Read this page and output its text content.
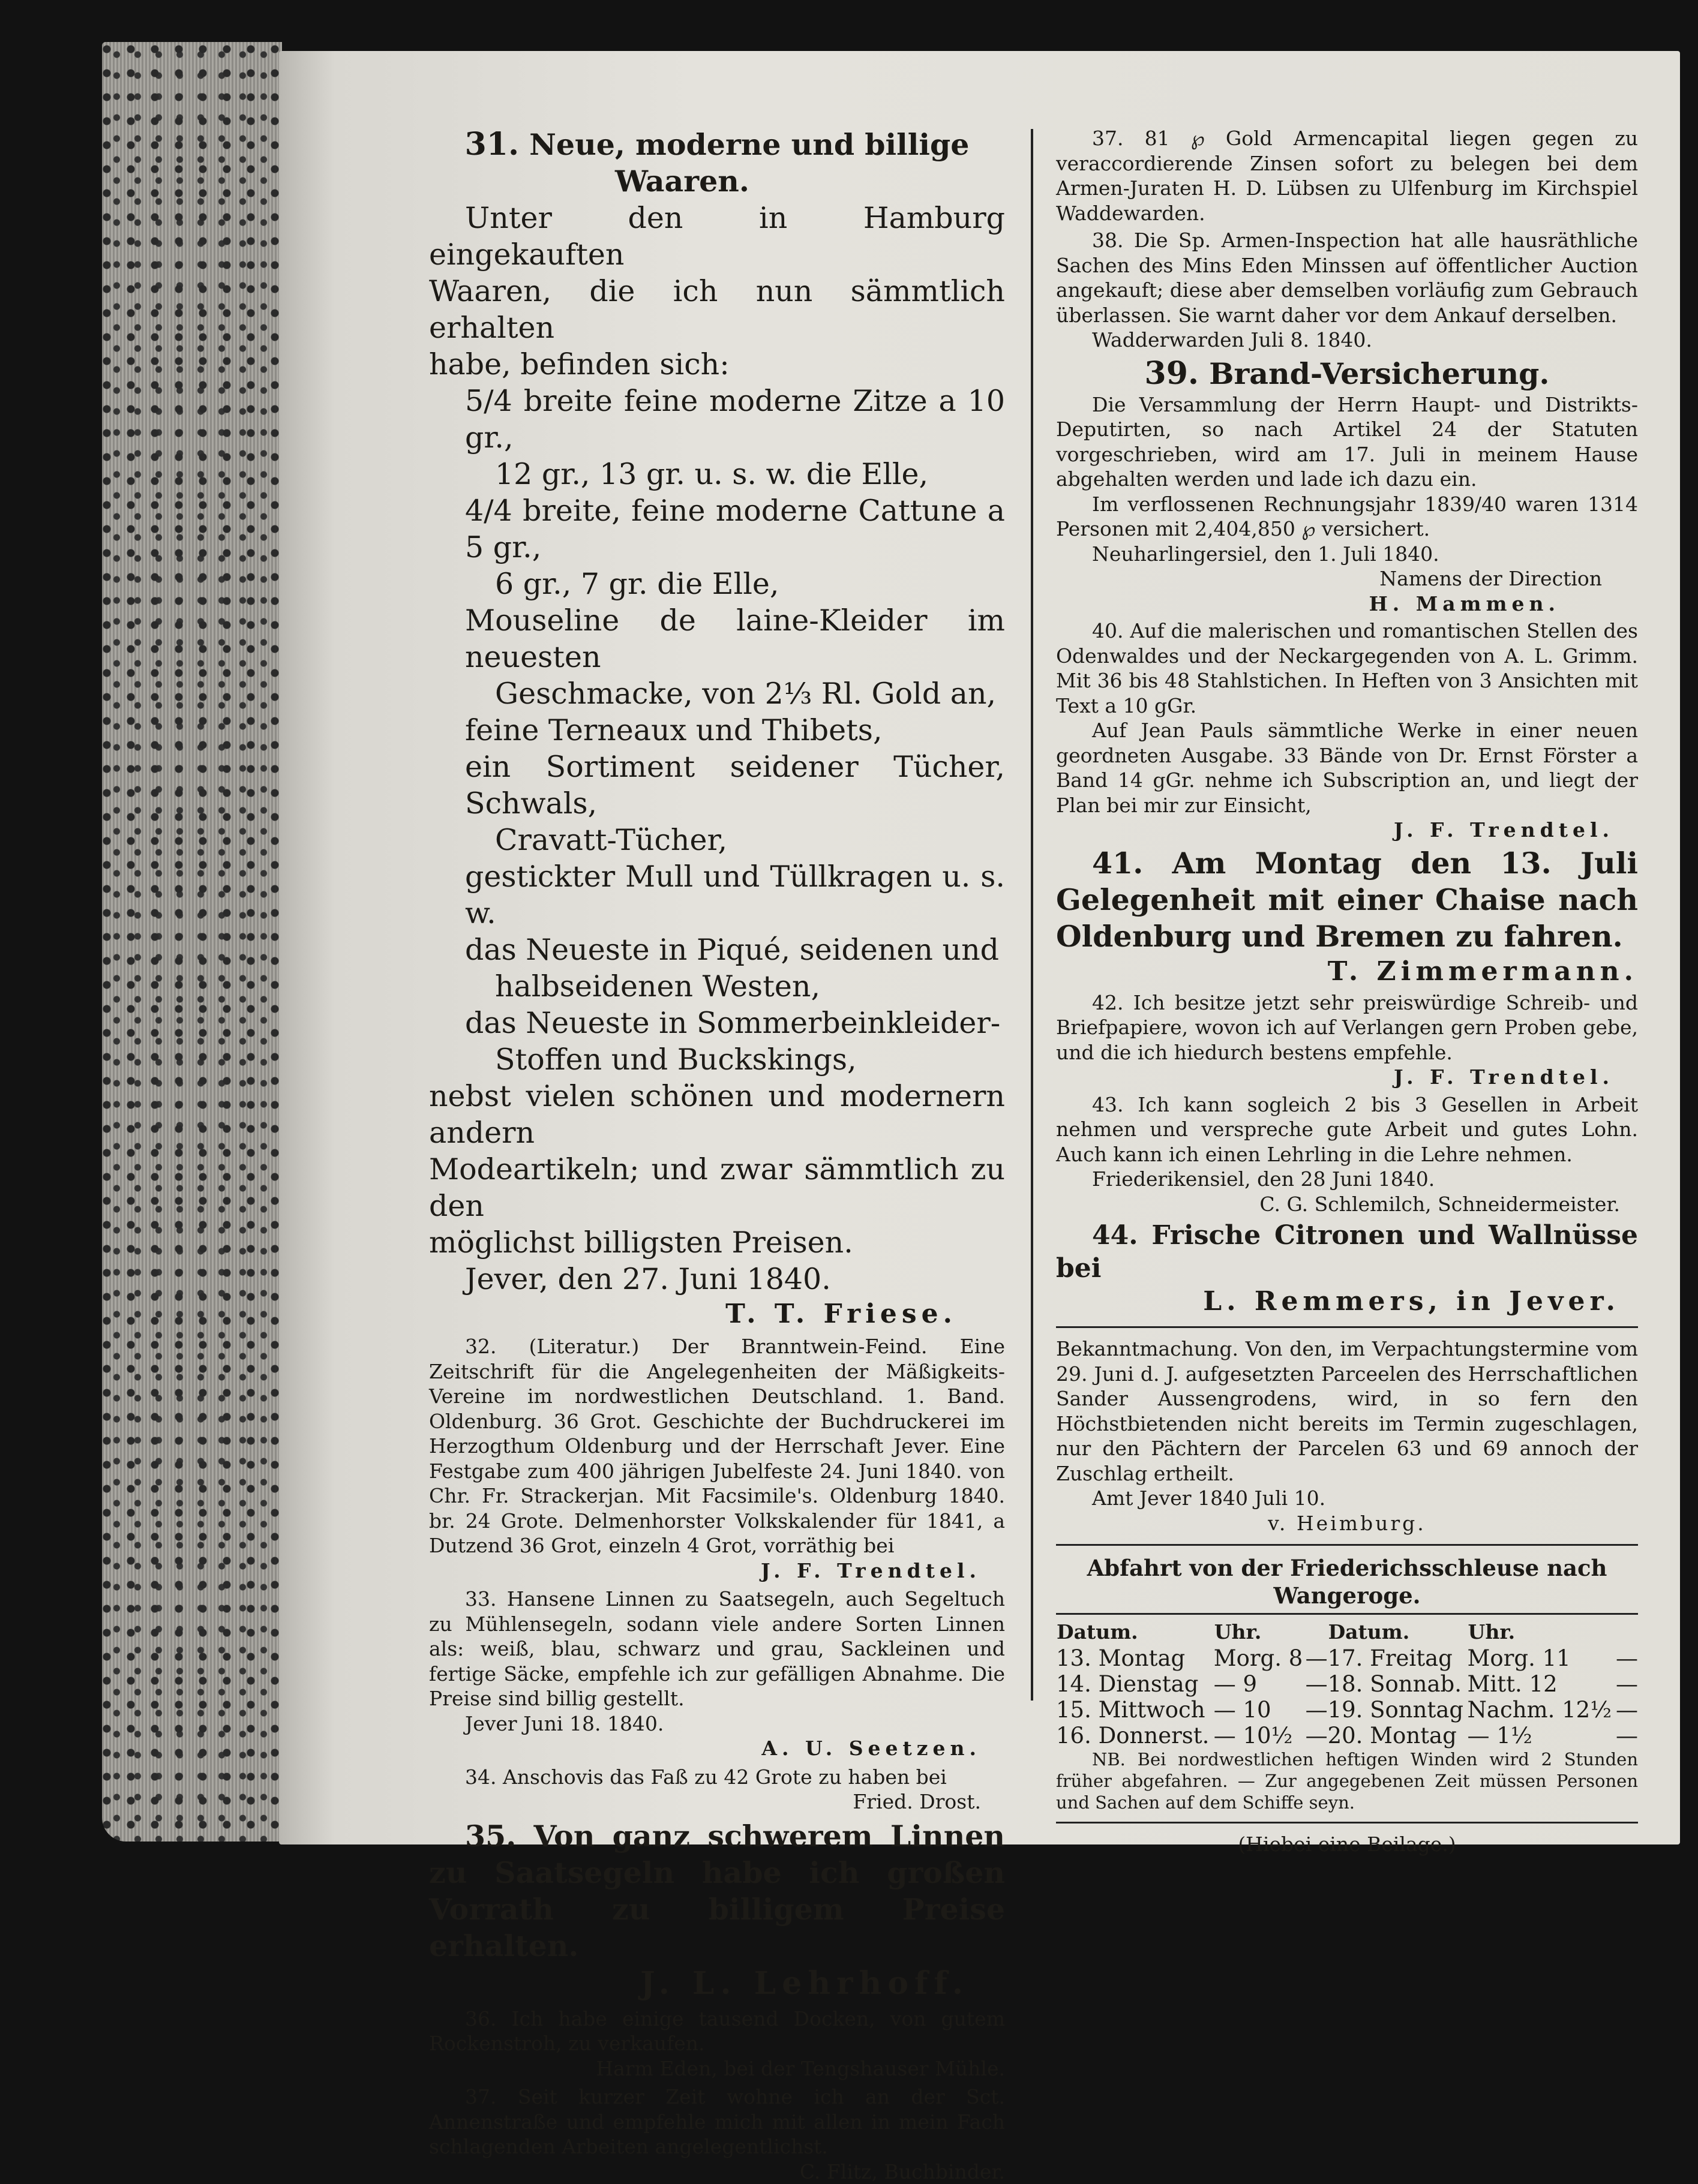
31. Neue, moderne und billige

Waaren.

Unter den in Hamburg eingekauften

Waaren, die ich nun sämmtlich erhalten

habe, befinden sich:

5/4 breite feine moderne Zitze a 10 gr.,

12 gr., 13 gr. u. s. w. die Elle,

4/4 breite, feine moderne Cattune a 5 gr.,

6 gr., 7 gr. die Elle,

Mouseline de laine-Kleider im neuesten

Geschmacke, von 2⅓ Rl. Gold an,

feine Terneaux und Thibets,

ein Sortiment seidener Tücher, Schwals,

Cravatt-Tücher,

gestickter Mull und Tüllkragen u. s. w.

das Neueste in Piqué, seidenen und

halbseidenen Westen,

das Neueste in Sommerbeinkleider-

Stoffen und Buckskings,

nebst vielen schönen und modernern andern

Modeartikeln; und zwar sämmtlich zu den

möglichst billigsten Preisen.

Jever, den 27. Juni 1840.

T. T. Friese.

32. (Literatur.) Der Branntwein-Feind. Eine Zeitschrift für die Angelegenheiten der Mäßigkeits-Vereine im nordwestlichen Deutschland. 1. Band. Oldenburg. 36 Grot. Geschichte der Buchdruckerei im Herzogthum Oldenburg und der Herrschaft Jever. Eine Festgabe zum 400 jährigen Jubelfeste 24. Juni 1840. von Chr. Fr. Strackerjan. Mit Facsimile's. Oldenburg 1840. br. 24 Grote. Delmenhorster Volkskalender für 1841, a Dutzend 36 Grot, einzeln 4 Grot, vorräthig bei

J. F. Trendtel.

33. Hansene Linnen zu Saatsegeln, auch Segeltuch zu Mühlensegeln, sodann viele andere Sorten Linnen als: weiß, blau, schwarz und grau, Sackleinen und fertige Säcke, empfehle ich zur gefälligen Abnahme. Die Preise sind billig gestellt.

Jever Juni 18. 1840.

A. U. Seetzen.

34. Anschovis das Faß zu 42 Grote zu haben bei

Fried. Drost.

35. Von ganz schwerem Linnen zu Saatsegeln habe ich großen Vorrath zu billigem Preise erhalten.

J. L. Lehrhoff.

36. Ich habe einige tausend Docken, von gutem Rockenstroh, zu verkaufen.

Harm Eden, bei der Tengshauser Mühle.

37. Seit kurzer Zeit wohne ich an der Sct. Annenstraße und empfehle mich mit allen in mein Fach schlagenden Arbeiten angelegentlichst.

C. Flitz, Buchbinder.

37. 81 ℘ Gold Armencapital liegen gegen zu veraccordierende Zinsen sofort zu belegen bei dem Armen-Juraten H. D. Lübsen zu Ulfenburg im Kirchspiel Waddewarden.

38. Die Sp. Armen-Inspection hat alle hausräthliche Sachen des Mins Eden Minssen auf öffentlicher Auction angekauft; diese aber demselben vorläufig zum Gebrauch überlassen. Sie warnt daher vor dem Ankauf derselben.

Wadderwarden Juli 8. 1840.

39. Brand-Versicherung.

Die Versammlung der Herrn Haupt- und Distrikts-Deputirten, so nach Artikel 24 der Statuten vorgeschrieben, wird am 17. Juli in meinem Hause abgehalten werden und lade ich dazu ein.

Im verflossenen Rechnungsjahr 1839/40 waren 1314 Personen mit 2,404,850 ℘ versichert.

Neuharlingersiel, den 1. Juli 1840.

Namens der Direction

H. Mammen.

40. Auf die malerischen und romantischen Stellen des Odenwaldes und der Neckargegenden von A. L. Grimm. Mit 36 bis 48 Stahlstichen. In Heften von 3 Ansichten mit Text a 10 gGr.

Auf Jean Pauls sämmtliche Werke in einer neuen geordneten Ausgabe. 33 Bände von Dr. Ernst Förster a Band 14 gGr. nehme ich Subscription an, und liegt der Plan bei mir zur Einsicht,

J. F. Trendtel.

41. Am Montag den 13. Juli Gelegenheit mit einer Chaise nach Oldenburg und Bremen zu fahren.

T. Zimmermann.

42. Ich besitze jetzt sehr preiswürdige Schreib- und Briefpapiere, wovon ich auf Verlangen gern Proben gebe, und die ich hiedurch bestens empfehle.

J. F. Trendtel.

43. Ich kann sogleich 2 bis 3 Gesellen in Arbeit nehmen und verspreche gute Arbeit und gutes Lohn. Auch kann ich einen Lehrling in die Lehre nehmen.

Friederikensiel, den 28 Juni 1840.

C. G. Schlemilch, Schneidermeister.

44. Frische Citronen und Wallnüsse bei

L. Remmers, in Jever.

Bekanntmachung. Von den, im Verpachtungstermine vom 29. Juni d. J. aufgesetzten Parceelen des Herrschaftlichen Sander Aussengrodens, wird, in so fern den Höchstbietenden nicht bereits im Termin zugeschlagen, nur den Pächtern der Parcelen 63 und 69 annoch der Zuschlag ertheilt.

Amt Jever 1840 Juli 10.

v. Heimburg.

Abfahrt von der Friederichsschleuse nach Wangeroge.

Datum.	Uhr.		Datum.	Uhr.	
13. Montag	Morg. 8	—	17. Freitag	Morg. 11	—
14. Dienstag	— 9	—	18. Sonnab.	Mitt. 12	—
15. Mittwoch	— 10	—	19. Sonntag	Nachm. 12½	—
16. Donnerst.	— 10½	—	20. Montag	— 1½	—

NB. Bei nordwestlichen heftigen Winden wird 2 Stunden früher abgefahren. — Zur angegebenen Zeit müssen Personen und Sachen auf dem Schiffe seyn.

(Hiebei eine Beilage.)
